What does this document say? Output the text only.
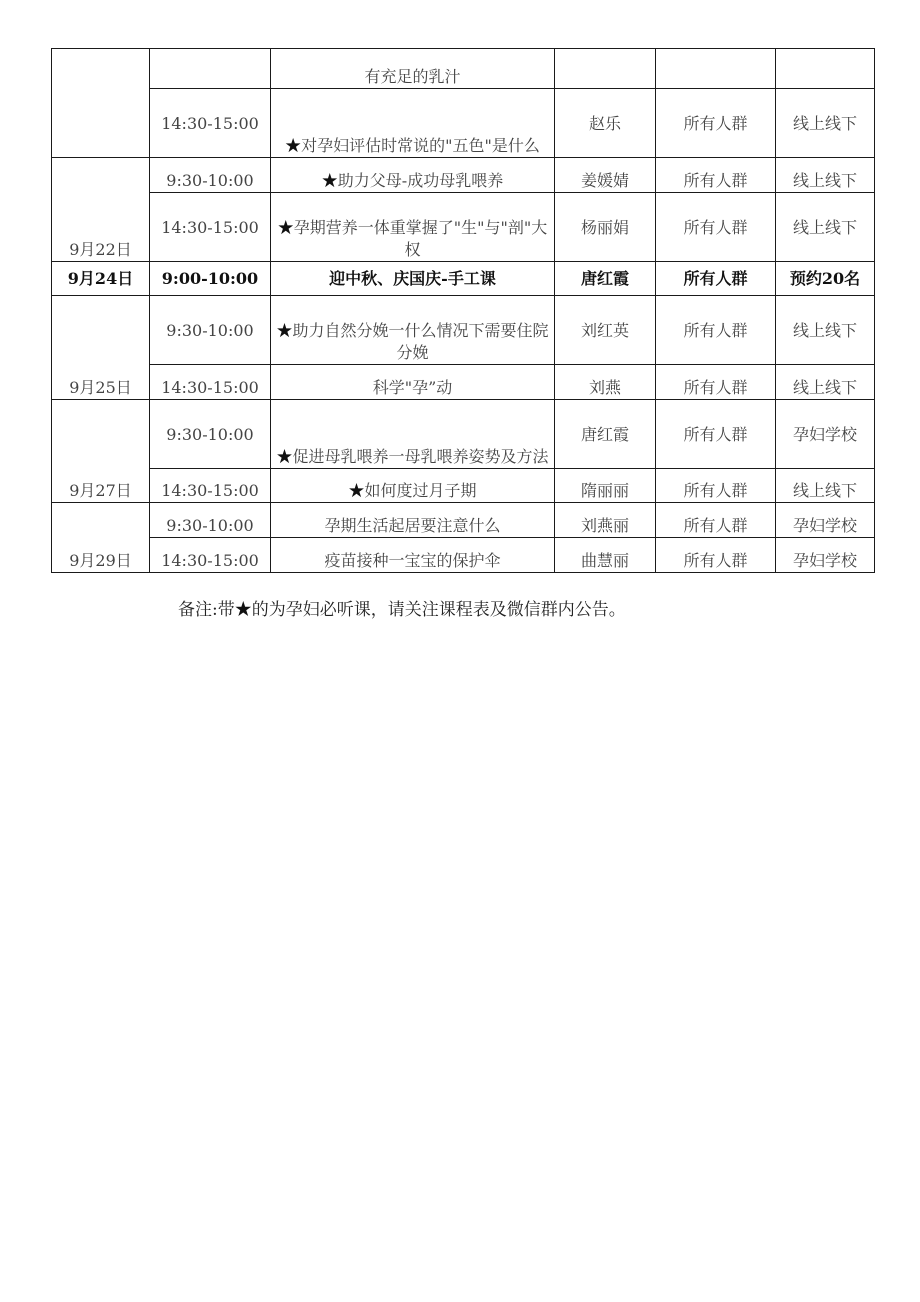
		有充足的乳汁			
	14:30-15:00	★对孕妇评估时常说的"五色"是什么	赵乐	所有人群	线上线下
9月22日	9:30-10:00	★助力父母-成功母乳喂养	姜媛婧	所有人群	线上线下
	14:30-15:00	★孕期营养一体重掌握了"生"与"剖"大权	杨丽娟	所有人群	线上线下
9月24日	9:00-10:00	迎中秋、庆国庆-手工课	唐红霞	所有人群	预约20名
9月25日	9:30-10:00	★助力自然分娩一什么情况下需要住院分娩	刘红英	所有人群	线上线下
	14:30-15:00	科学"孕”动	刘燕	所有人群	线上线下
9月27日	9:30-10:00	★促进母乳喂养一母乳喂养姿势及方法	唐红霞	所有人群	孕妇学校
	14:30-15:00	★如何度过月子期	隋丽丽	所有人群	线上线下
9月29日	9:30-10:00	孕期生活起居要注意什么	刘燕丽	所有人群	孕妇学校
	14:30-15:00	疫苗接种一宝宝的保护伞	曲慧丽	所有人群	孕妇学校
备注:带★的为孕妇必听课，请关注课程表及微信群内公告。
